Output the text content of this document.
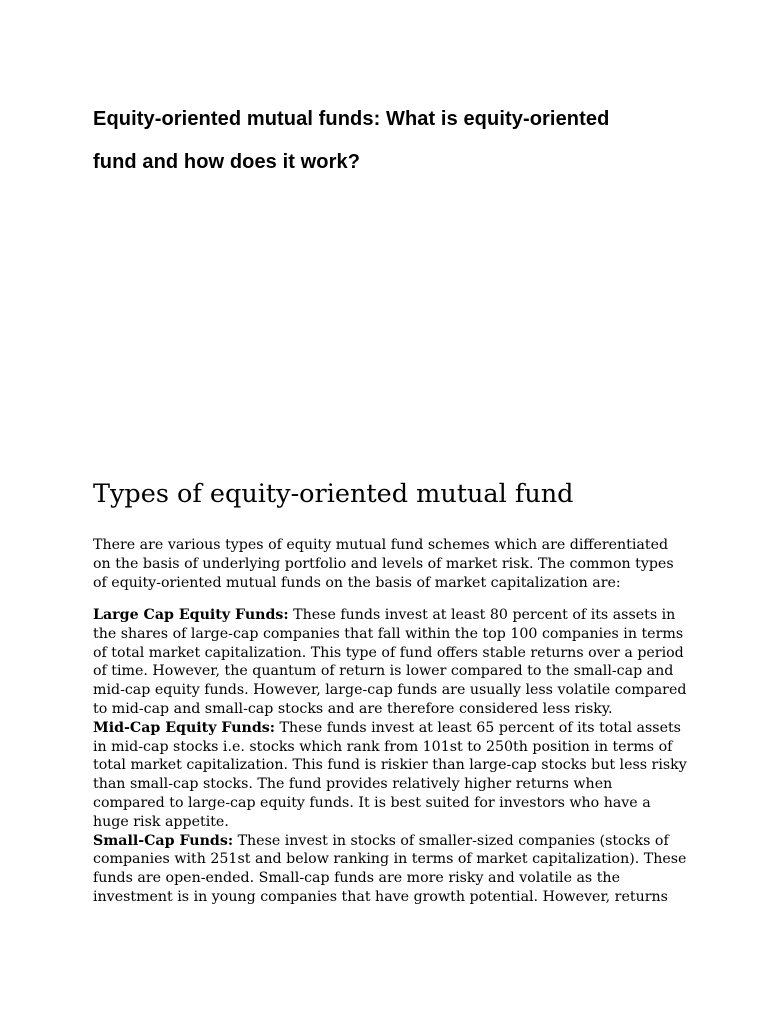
Equity-oriented mutual funds: What is equity-oriented fund and how does it work?
Types of equity-oriented mutual fund

There are various types of equity mutual fund schemes which are differentiated on the basis of underlying portfolio and levels of market risk. The common types of equity-oriented mutual funds on the basis of market capitalization are:

Large Cap Equity Funds: These funds invest at least 80 percent of its assets in the shares of large-cap companies that fall within the top 100 companies in terms of total market capitalization. This type of fund offers stable returns over a period of time. However, the quantum of return is lower compared to the small-cap and mid-cap equity funds. However, large-cap funds are usually less volatile compared to mid-cap and small-cap stocks and are therefore considered less risky.

Mid-Cap Equity Funds: These funds invest at least 65 percent of its total assets in mid-cap stocks i.e. stocks which rank from 101st to 250th position in terms of total market capitalization. This fund is riskier than large-cap stocks but less risky than small-cap stocks. The fund provides relatively higher returns when compared to large-cap equity funds. It is best suited for investors who have a huge risk appetite.

Small-Cap Funds: These invest in stocks of smaller-sized companies (stocks of companies with 251st and below ranking in terms of market capitalization). These funds are open-ended. Small-cap funds are more risky and volatile as the investment is in young companies that have growth potential. However, returns
